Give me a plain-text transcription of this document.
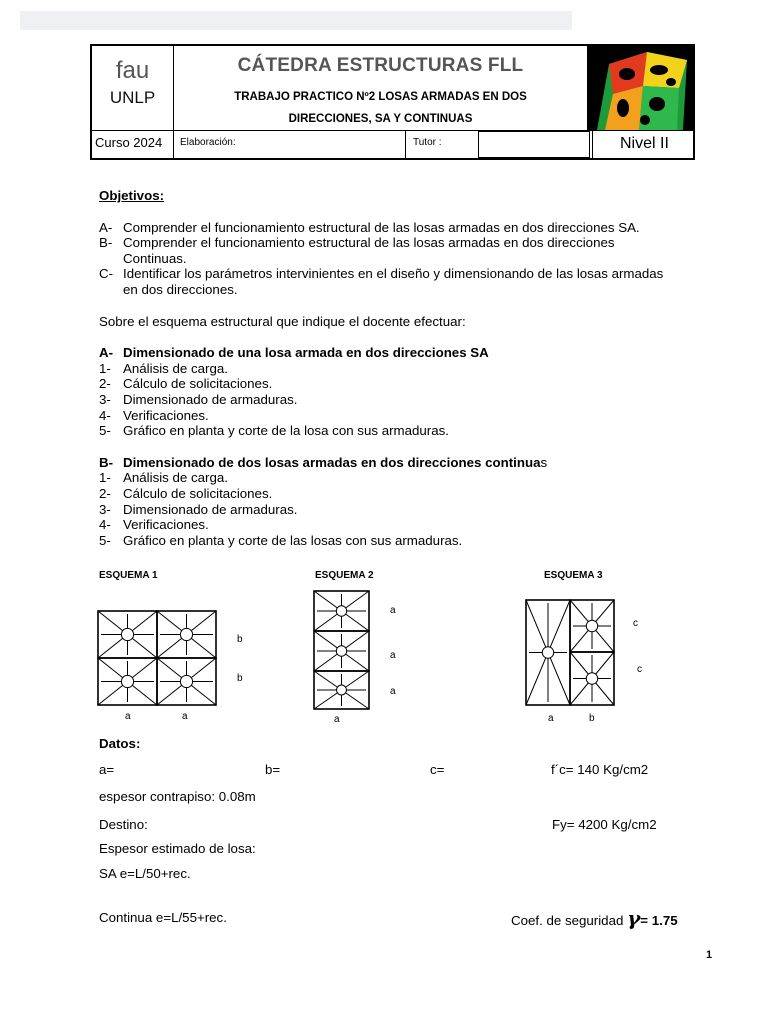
fau
UNLP
CÁTEDRA ESTRUCTURAS FLL
TRABAJO PRACTICO Nº2 LOSAS ARMADAS EN DOS
DIRECCIONES, SA Y CONTINUAS
Curso 2024	Elaboración:	Tutor :	Nivel II
Objetivos:
A- Comprender el funcionamiento estructural de las losas armadas en dos direcciones SA.
B- Comprender el funcionamiento estructural de las losas armadas en dos direcciones Continuas.
C- Identificar los parámetros intervinientes en el diseño y dimensionando de las losas armadas en dos direcciones.
Sobre el esquema estructural que indique el docente efectuar:
A- Dimensionado de una losa armada en dos direcciones SA
1- Análisis de carga.
2- Cálculo de solicitaciones.
3- Dimensionado de armaduras.
4- Verificaciones.
5- Gráfico en planta y corte de la losa con sus armaduras.
B- Dimensionado de dos losas armadas en dos direcciones continuas
1- Análisis de carga.
2- Cálculo de solicitaciones.
3- Dimensionado de armaduras.
4- Verificaciones.
5- Gráfico en planta y corte de las losas con sus armaduras.
ESQUEMA 1	ESQUEMA 2	ESQUEMA 3
b
b
a	a
a
a
a
a
c
c
a	b
Datos:
a=	b=	c=	f´c= 140 Kg/cm2
espesor contrapiso: 0.08m
Destino:	Fy= 4200 Kg/cm2
Espesor estimado de losa:
SA e=L/50+rec.
Continua e=L/55+rec.	Coef. de seguridad γ= 1.75
1
